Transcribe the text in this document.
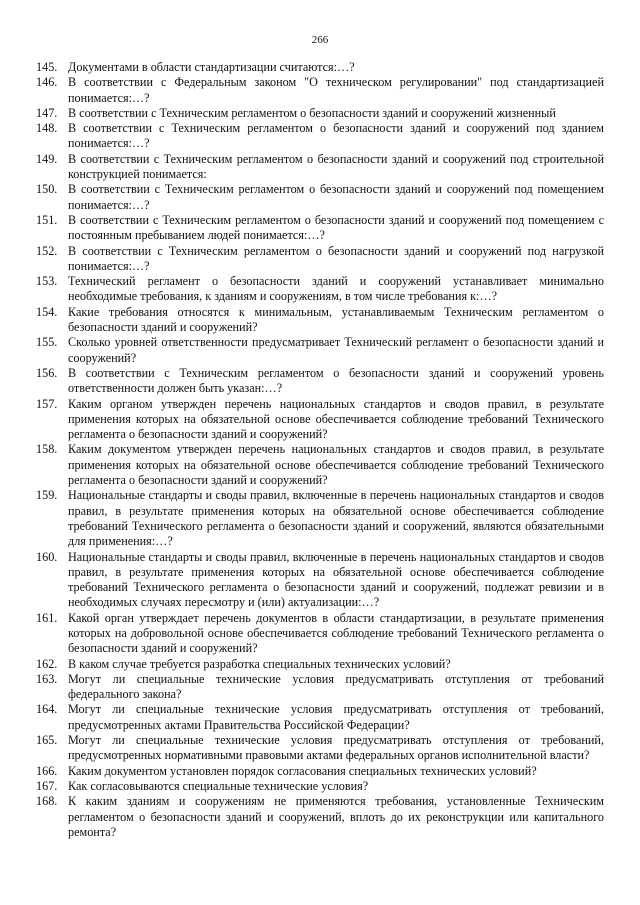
266
145. Документами в области стандартизации считаются:…?
146. В соответствии с Федеральным законом "О техническом регулировании" под стандартизацией понимается:…?
147. В соответствии с Техническим регламентом о безопасности зданий и сооружений жизненный
148. В соответствии с Техническим регламентом о безопасности зданий и сооружений под зданием понимается:…?
149. В соответствии с Техническим регламентом о безопасности зданий и сооружений под строительной конструкцией понимается:
150. В соответствии с Техническим регламентом о безопасности зданий и сооружений под помещением понимается:…?
151. В соответствии с Техническим регламентом о безопасности зданий и сооружений под помещением с постоянным пребыванием людей понимается:…?
152. В соответствии с Техническим регламентом о безопасности зданий и сооружений под нагрузкой понимается:…?
153. Технический регламент о безопасности зданий и сооружений устанавливает минимально необходимые требования, к зданиям и сооружениям, в том числе требования к:…?
154. Какие требования относятся к минимальным, устанавливаемым Техническим регламентом о безопасности зданий и сооружений?
155. Сколько уровней ответственности предусматривает Технический регламент о безопасности зданий и сооружений?
156. В соответствии с Техническим регламентом о безопасности зданий и сооружений уровень ответственности должен быть указан:…?
157. Каким органом утвержден перечень национальных стандартов и сводов правил, в результате применения которых на обязательной основе обеспечивается соблюдение требований Технического регламента о безопасности зданий и сооружений?
158. Каким документом утвержден перечень национальных стандартов и сводов правил, в результате применения которых на обязательной основе обеспечивается соблюдение требований Технического регламента о безопасности зданий и сооружений?
159. Национальные стандарты и своды правил, включенные в перечень национальных стандартов и сводов правил, в результате применения которых на обязательной основе обеспечивается соблюдение требований Технического регламента о безопасности зданий и сооружений, являются обязательными для применения:…?
160. Национальные стандарты и своды правил, включенные в перечень национальных стандартов и сводов правил, в результате применения которых на обязательной основе обеспечивается соблюдение требований Технического регламента о безопасности зданий и сооружений, подлежат ревизии и в необходимых случаях пересмотру и (или) актуализации:…?
161. Какой орган утверждает перечень документов в области стандартизации, в результате применения которых на добровольной основе обеспечивается соблюдение требований Технического регламента о безопасности зданий и сооружений?
162. В каком случае требуется разработка специальных технических условий?
163. Могут ли специальные технические условия предусматривать отступления от требований федерального закона?
164. Могут ли специальные технические условия предусматривать отступления от требований, предусмотренных актами Правительства Российской Федерации?
165. Могут ли специальные технические условия предусматривать отступления от требований, предусмотренных нормативными правовыми актами федеральных органов исполнительной власти?
166. Каким документом установлен порядок согласования специальных технических условий?
167. Как согласовываются специальные технические условия?
168. К каким зданиям и сооружениям не применяются требования, установленные Техническим регламентом о безопасности зданий и сооружений, вплоть до их реконструкции или капитального ремонта?
